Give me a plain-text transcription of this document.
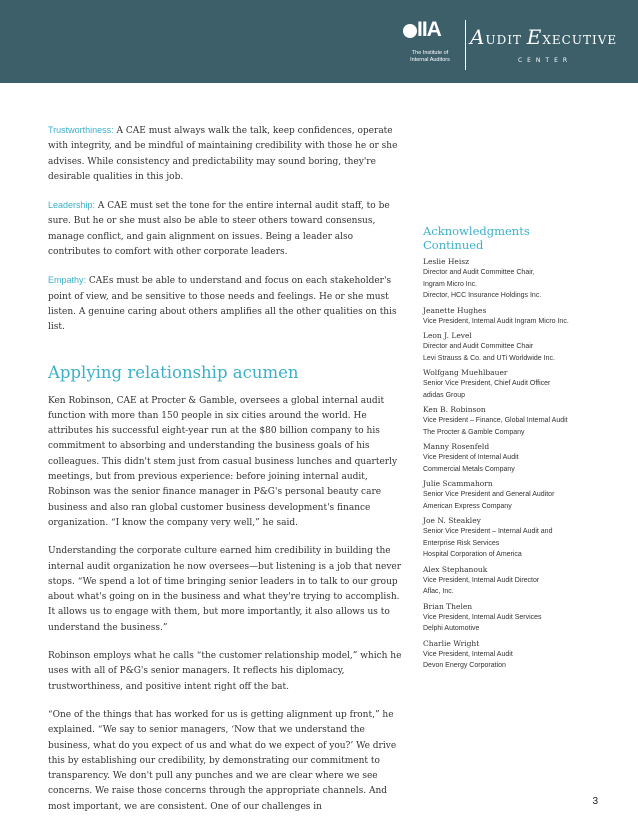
IIA
The Institute of
Internal Auditors
AUDIT EXECUTIVE
CENTER

Trustworthiness: A CAE must always walk the talk, keep confidences, operate with integrity, and be mindful of maintaining credibility with those he or she advises. While consistency and predictability may sound boring, they're desirable qualities in this job.

Leadership: A CAE must set the tone for the entire internal audit staff, to be sure. But he or she must also be able to steer others toward consensus, manage conflict, and gain alignment on issues. Being a leader also contributes to comfort with other corporate leaders.

Empathy: CAEs must be able to understand and focus on each stakeholder's point of view, and be sensitive to those needs and feelings. He or she must listen. A genuine caring about others amplifies all the other qualities on this list.

Applying relationship acumen

Ken Robinson, CAE at Procter & Gamble, oversees a global internal audit function with more than 150 people in six cities around the world. He attributes his successful eight-year run at the $80 billion company to his commitment to absorbing and understanding the business goals of his colleagues. This didn't stem just from casual business lunches and quarterly meetings, but from previous experience: before joining internal audit, Robinson was the senior finance manager in P&G's personal beauty care business and also ran global customer business development's finance organization. “I know the company very well,” he said.

Understanding the corporate culture earned him credibility in building the internal audit organization he now oversees—but listening is a job that never stops. “We spend a lot of time bringing senior leaders in to talk to our group about what's going on in the business and what they're trying to accomplish. It allows us to engage with them, but more importantly, it also allows us to understand the business.”

Robinson employs what he calls “the customer relationship model,” which he uses with all of P&G's senior managers. It reflects his diplomacy, trustworthiness, and positive intent right off the bat.

“One of the things that has worked for us is getting alignment up front,” he explained. “We say to senior managers, ‘Now that we understand the business, what do you expect of us and what do we expect of you?’ We drive this by establishing our credibility, by demonstrating our commitment to transparency. We don't pull any punches and we are clear where we see concerns. We raise those concerns through the appropriate channels. And most important, we are consistent. One of our challenges in

Acknowledgments
Continued
Leslie Heisz
Director and Audit Committee Chair,
Ingram Micro Inc.
Director, HCC Insurance Holdings Inc.
Jeanette Hughes
Vice President, Internal Audit Ingram Micro Inc.
Leon J. Level
Director and Audit Committee Chair
Levi Strauss & Co. and UTi Worldwide Inc.
Wolfgang Muehlbauer
Senior Vice President, Chief Audit Officer
adidas Group
Ken B. Robinson
Vice President – Finance, Global Internal Audit
The Procter & Gamble Company
Manny Rosenfeld
Vice President of Internal Audit
Commercial Metals Company
Julie Scammahorn
Senior Vice President and General Auditor
American Express Company
Joe N. Steakley
Senior Vice President – Internal Audit and
Enterprise Risk Services
Hospital Corporation of America
Alex Stephanouk
Vice President, Internal Audit Director
Aflac, Inc.
Brian Thelen
Vice President, Internal Audit Services
Delphi Automotive
Charlie Wright
Vice President, Internal Audit
Devon Energy Corporation
3
